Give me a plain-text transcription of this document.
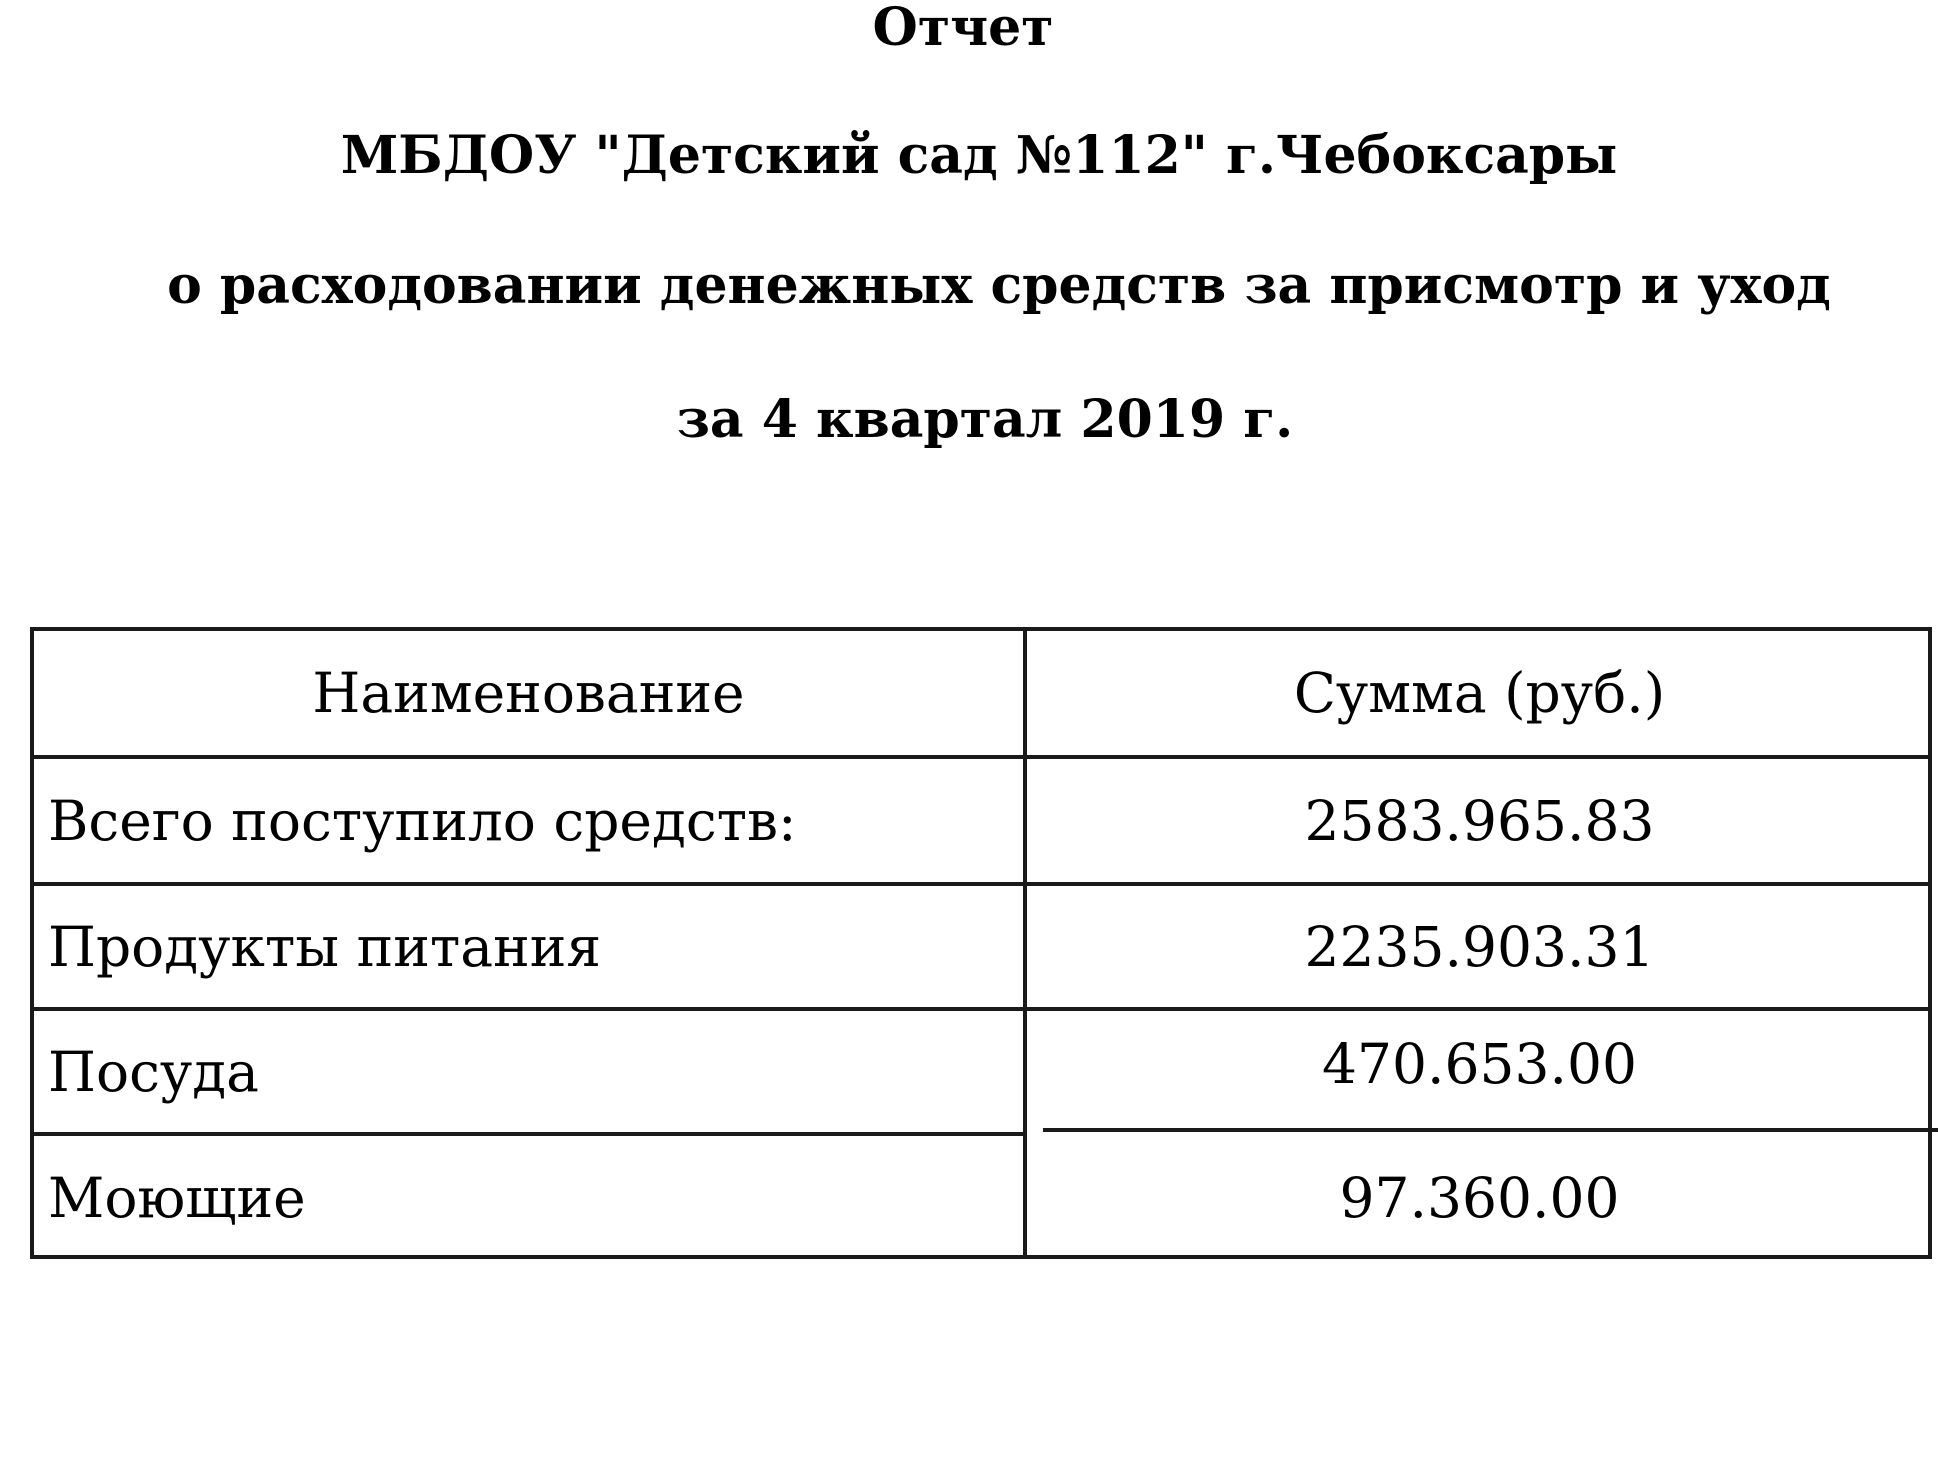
Отчет
МБДОУ "Детский сад №112" г.Чебоксары
о расходовании денежных средств за присмотр и уход
за 4 квартал 2019 г.
Наименование	Сумма (руб.)
Всего поступило средств:	2583.965.83
Продукты питания	2235.903.31
Посуда	470.653.00
Моющие	97.360.00
